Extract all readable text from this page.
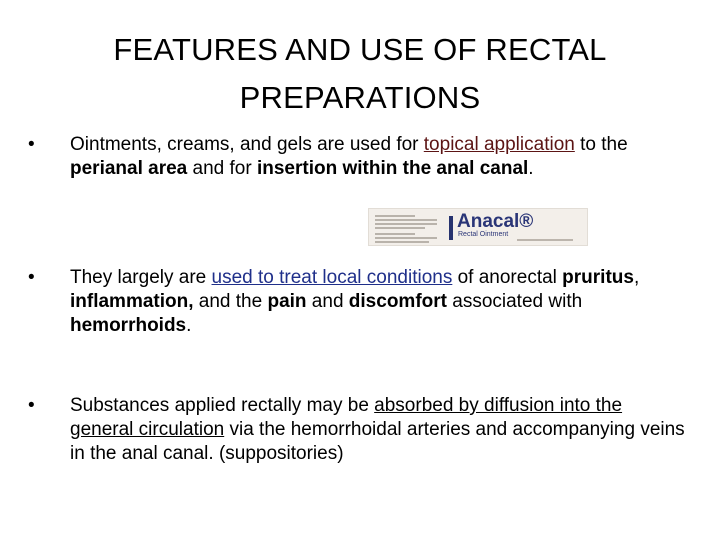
FEATURES AND USE OF RECTAL PREPARATIONS
•	Ointments, creams, and gels are used for topical application to the perianal area and for insertion within the anal canal.
Anacal®
Rectal Ointment
•	They largely are used to treat local conditions of anorectal pruritus, inflammation, and the pain and discomfort associated with hemorrhoids.
•	Substances applied rectally may be absorbed by diffusion into the general circulation via the hemorrhoidal arteries and accompanying veins in the anal canal. (suppositories)
